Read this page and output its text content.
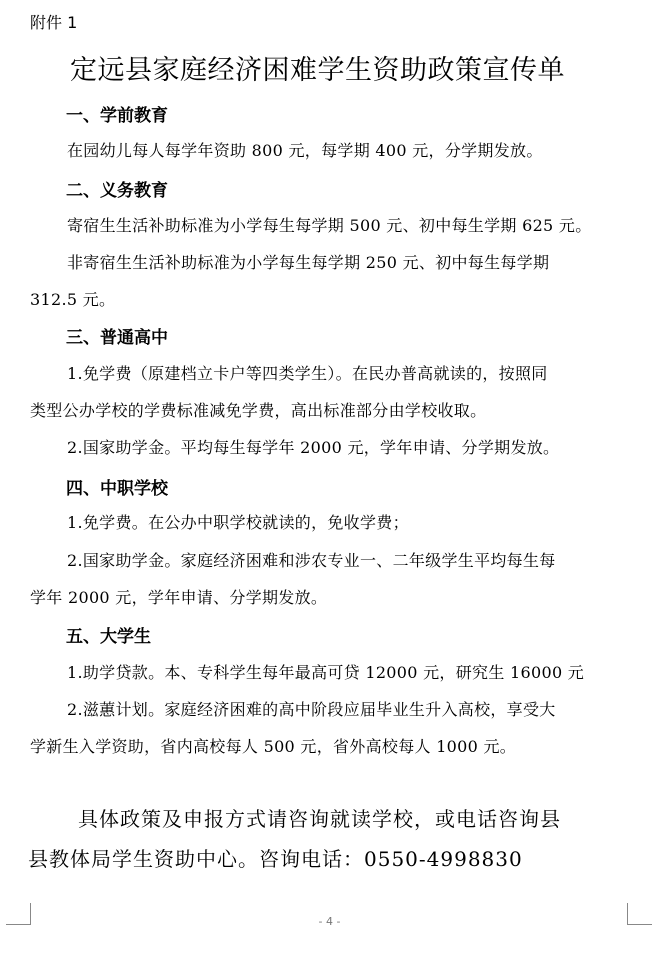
附件 1
定远县家庭经济困难学生资助政策宣传单
一、学前教育
在园幼儿每人每学年资助 800 元，每学期 400 元，分学期发放。
二、义务教育
寄宿生生活补助标准为小学每生每学期 500 元、初中每生学期 625 元。
非寄宿生生活补助标准为小学每生每学期 250 元、初中每生每学期
312.5 元。
三、普通高中
1.免学费（原建档立卡户等四类学生）。在民办普高就读的，按照同
类型公办学校的学费标准减免学费，高出标准部分由学校收取。
2.国家助学金。平均每生每学年 2000 元，学年申请、分学期发放。
四、中职学校
1.免学费。在公办中职学校就读的，免收学费；
2.国家助学金。家庭经济困难和涉农专业一、二年级学生平均每生每
学年 2000 元，学年申请、分学期发放。
五、大学生
1.助学贷款。本、专科学生每年最高可贷 12000 元，研究生 16000 元
2.滋蕙计划。家庭经济困难的高中阶段应届毕业生升入高校，享受大
学新生入学资助，省内高校每人 500 元，省外高校每人 1000 元。
具体政策及申报方式请咨询就读学校，或电话咨询县
县教体局学生资助中心。咨询电话：0550-4998830
- 4 -
